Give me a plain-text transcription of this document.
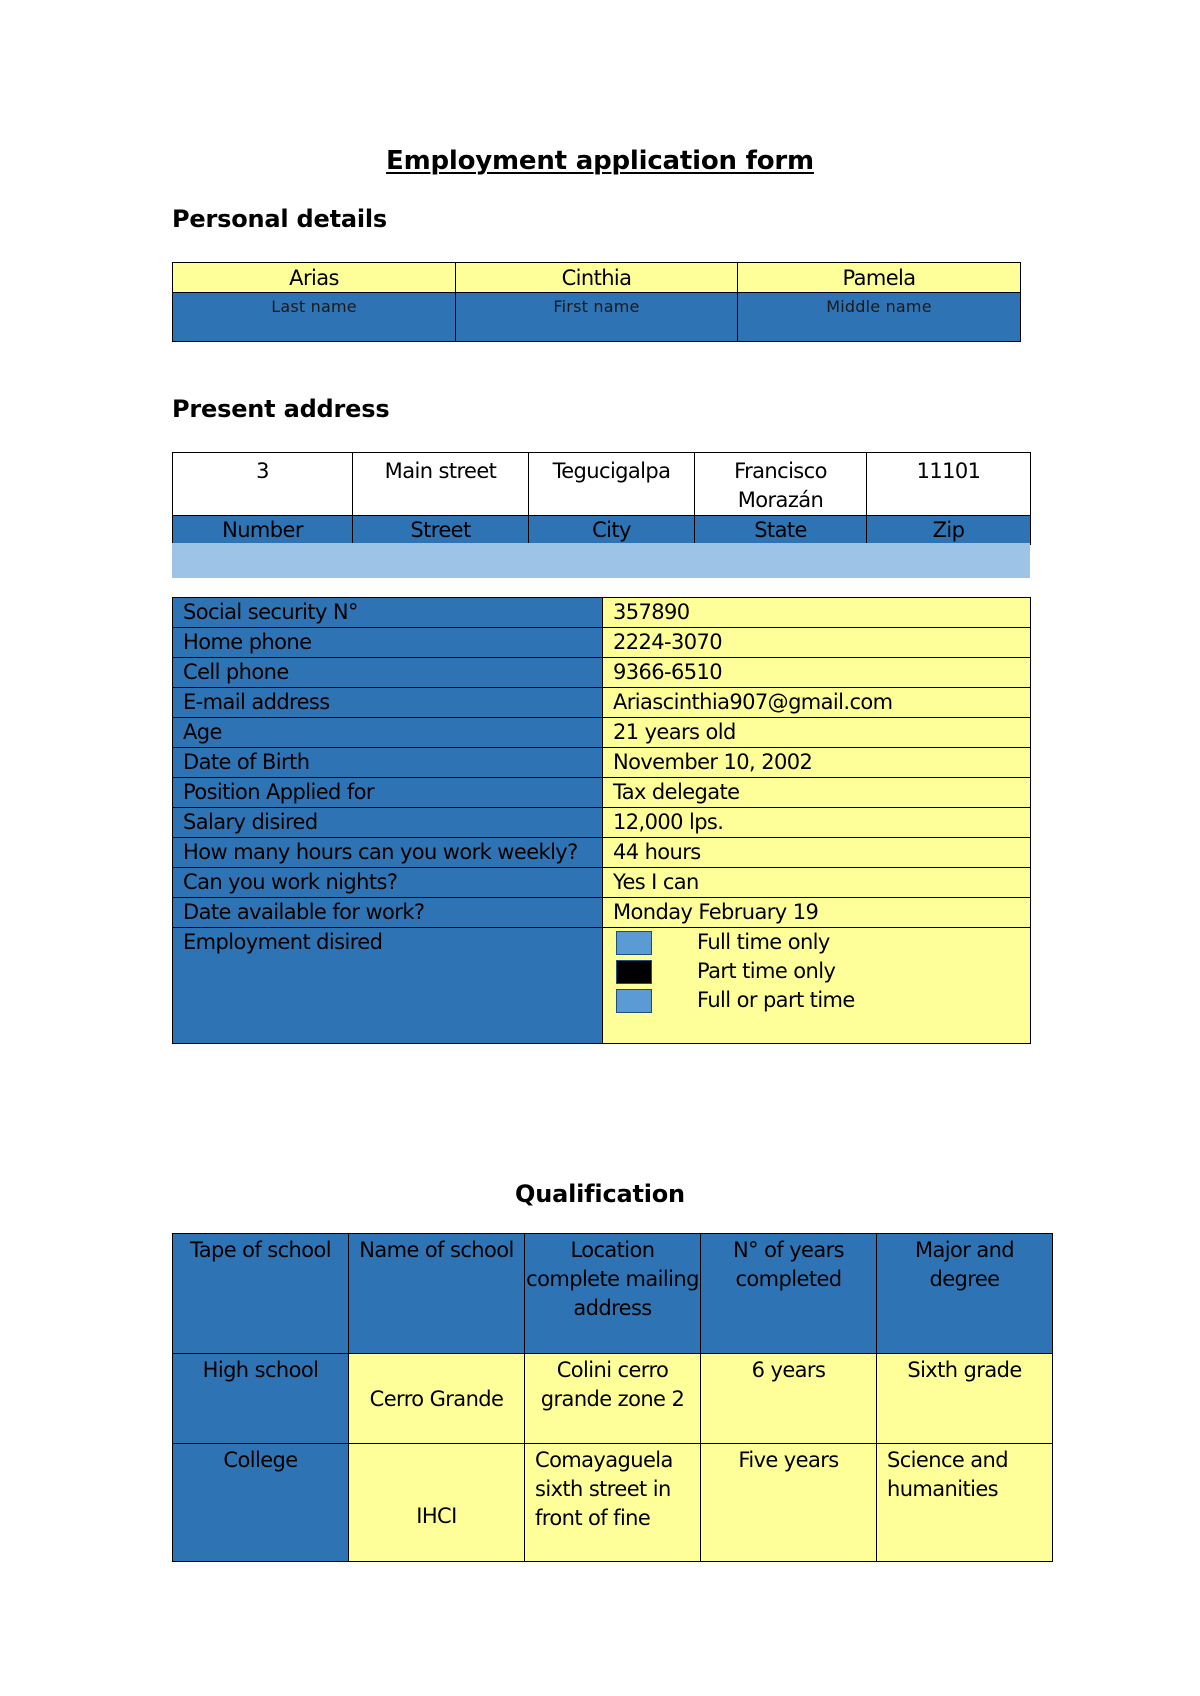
Employment application form
Personal details
Arias	Cinthia	Pamela
Last name	First name	Middle name
Present address
3	Main street	Tegucigalpa	Francisco Morazán	11101
Number	Street	City	State	Zip
Social security N°	357890
Home phone	2224-3070
Cell phone	9366-6510
E-mail address	Ariascinthia907@gmail.com
Age	21 years old
Date of Birth	November 10, 2002
Position Applied for	Tax delegate
Salary disired	12,000 lps.
How many hours can you work weekly?	44 hours
Can you work nights?	Yes I can
Date available for work?	Monday February 19
Employment disired	Full time only
Part time only
Full or part time
Qualification
Tape of school	Name of school	Location complete mailing address	N° of years completed	Major and degree
High school	Cerro Grande	Colini cerro grande zone 2	6 years	Sixth grade
College	IHCI	Comayaguela sixth street in front of fine	Five years	Science and humanities
